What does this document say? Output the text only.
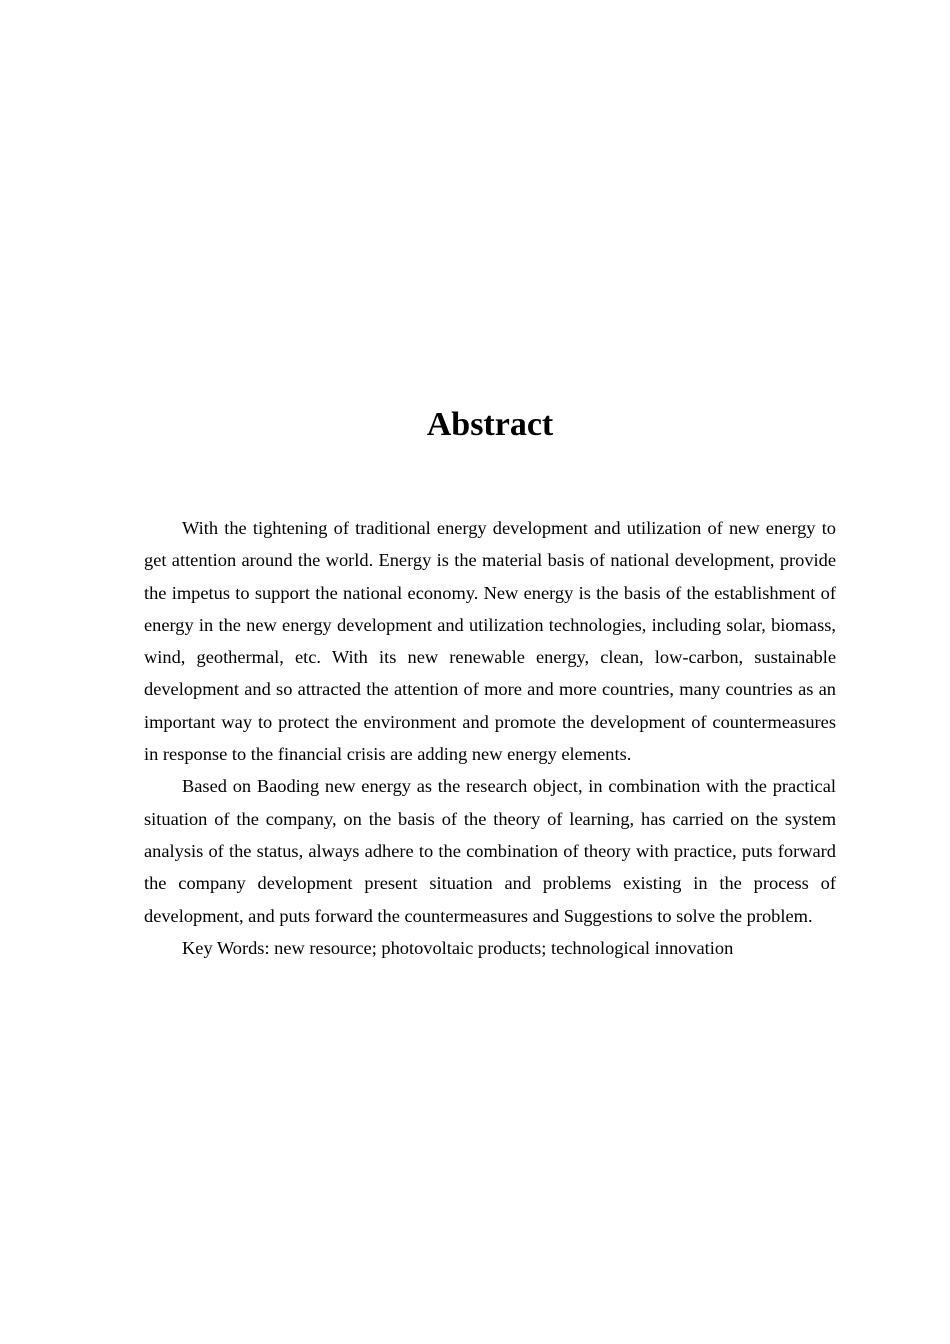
Abstract

With the tightening of traditional energy development and utilization of new energy to get attention around the world. Energy is the material basis of national development, provide the impetus to support the national economy. New energy is the basis of the establishment of energy in the new energy development and utilization technologies, including solar, biomass, wind, geothermal, etc. With its new renewable energy, clean, low-carbon, sustainable development and so attracted the attention of more and more countries, many countries as an important way to protect the environment and promote the development of countermeasures in response to the financial crisis are adding new energy elements.

Based on Baoding new energy as the research object, in combination with the practical situation of the company, on the basis of the theory of learning, has carried on the system analysis of the status, always adhere to the combination of theory with practice, puts forward the company development present situation and problems existing in the process of development, and puts forward the countermeasures and Suggestions to solve the problem.

Key Words: new resource; photovoltaic products; technological innovation
